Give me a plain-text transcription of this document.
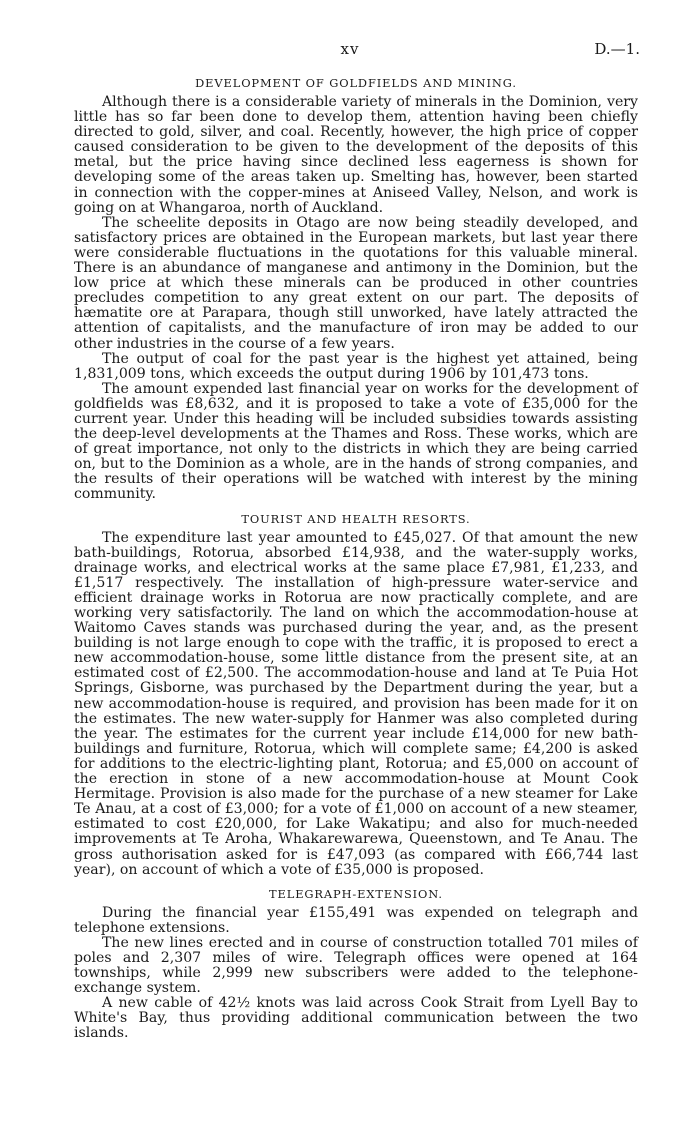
xv	D.—1.
DEVELOPMENT OF GOLDFIELDS AND MINING.

Although there is a considerable variety of minerals in the Dominion, very little has so far been done to develop them, attention having been chiefly directed to gold, silver, and coal. Recently, however, the high price of copper caused consideration to be given to the development of the deposits of this metal, but the price having since declined less eagerness is shown for developing some of the areas taken up. Smelting has, however, been started in connection with the copper-mines at Aniseed Valley, Nelson, and work is going on at Whangaroa, north of Auckland.

The scheelite deposits in Otago are now being steadily developed, and satisfactory prices are obtained in the European markets, but last year there were considerable fluctuations in the quotations for this valuable mineral. There is an abundance of manganese and antimony in the Dominion, but the low price at which these minerals can be produced in other countries precludes competition to any great extent on our part. The deposits of hæmatite ore at Parapara, though still unworked, have lately attracted the attention of capitalists, and the manufacture of iron may be added to our other industries in the course of a few years.

The output of coal for the past year is the highest yet attained, being 1,831,009 tons, which exceeds the output during 1906 by 101,473 tons.

The amount expended last financial year on works for the development of goldfields was £8,632, and it is proposed to take a vote of £35,000 for the current year. Under this heading will be included subsidies towards assisting the deep-level developments at the Thames and Ross. These works, which are of great importance, not only to the districts in which they are being carried on, but to the Dominion as a whole, are in the hands of strong companies, and the results of their operations will be watched with interest by the mining community.

TOURIST AND HEALTH RESORTS.

The expenditure last year amounted to £45,027. Of that amount the new bath-buildings, Rotorua, absorbed £14,938, and the water-supply works, drainage works, and electrical works at the same place £7,981, £1,233, and £1,517 respectively. The installation of high-pressure water-service and efficient drainage works in Rotorua are now practically complete, and are working very satisfactorily. The land on which the accommodation-house at Waitomo Caves stands was purchased during the year, and, as the present building is not large enough to cope with the traffic, it is proposed to erect a new accommodation-house, some little distance from the present site, at an estimated cost of £2,500. The accommodation-house and land at Te Puia Hot Springs, Gisborne, was purchased by the Department during the year, but a new accommodation-house is required, and provision has been made for it on the estimates. The new water-supply for Hanmer was also completed during the year. The estimates for the current year include £14,000 for new bath-buildings and furniture, Rotorua, which will complete same; £4,200 is asked for additions to the electric-lighting plant, Rotorua; and £5,000 on account of the erection in stone of a new accommodation-house at Mount Cook Hermitage. Provision is also made for the purchase of a new steamer for Lake Te Anau, at a cost of £3,000; for a vote of £1,000 on account of a new steamer, estimated to cost £20,000, for Lake Wakatipu; and also for much-needed improvements at Te Aroha, Whakarewarewa, Queenstown, and Te Anau. The gross authorisation asked for is £47,093 (as compared with £66,744 last year), on account of which a vote of £35,000 is proposed.

TELEGRAPH-EXTENSION.

During the financial year £155,491 was expended on telegraph and telephone extensions.

The new lines erected and in course of construction totalled 701 miles of poles and 2,307 miles of wire. Telegraph offices were opened at 164 townships, while 2,999 new subscribers were added to the telephone-exchange system.

A new cable of 42½ knots was laid across Cook Strait from Lyell Bay to White's Bay, thus providing additional communication between the two islands.
